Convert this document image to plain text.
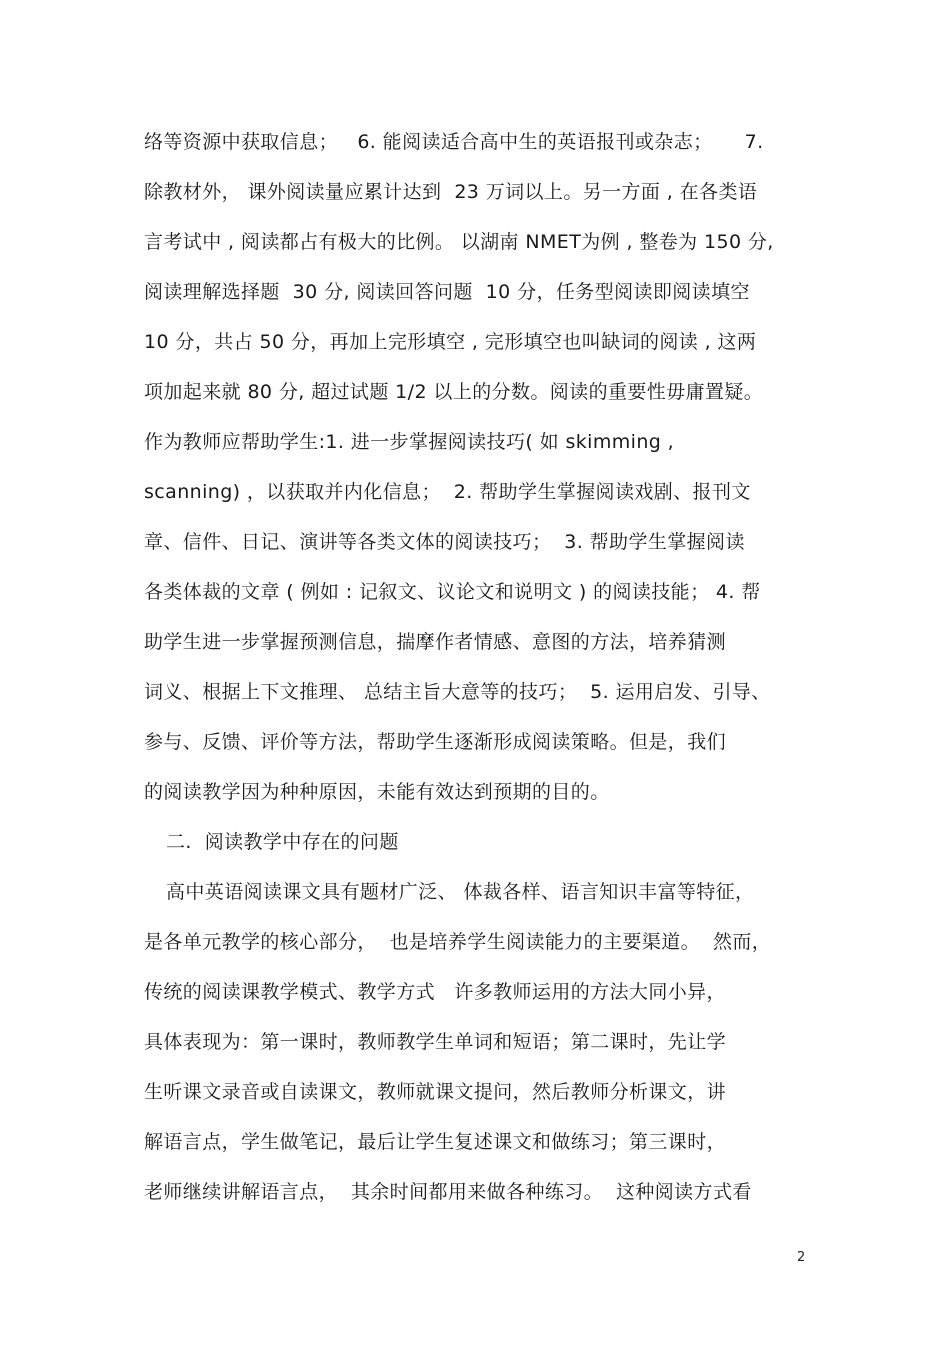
络等资源中获取信息；   6. 能阅读适合高中生的英语报刊或杂志；     7.
除教材外， 课外阅读量应累计达到  23 万词以上。另一方面 , 在各类语
言考试中 , 阅读都占有极大的比例。 以湖南 NMET为例 , 整卷为 150 分,
阅读理解选择题  30 分, 阅读回答问题  10 分，任务型阅读即阅读填空
10 分，共占 50 分，再加上完形填空 , 完形填空也叫缺词的阅读 , 这两
项加起来就 80 分, 超过试题 1/2 以上的分数。阅读的重要性毋庸置疑。
作为教师应帮助学生:1. 进一步掌握阅读技巧( 如 skimming ,
scanning) ，以获取并内化信息；  2. 帮助学生掌握阅读戏剧、报刊文
章、信件、日记、演讲等各类文体的阅读技巧；  3. 帮助学生掌握阅读
各类体裁的文章 ( 例如 : 记叙文、议论文和说明文 ) 的阅读技能； 4. 帮
助学生进一步掌握预测信息，揣摩作者情感、意图的方法，培养猜测
词义、根据上下文推理、 总结主旨大意等的技巧；  5. 运用启发、引导、
参与、反馈、评价等方法，帮助学生逐渐形成阅读策略。但是，我们
的阅读教学因为种种原因，未能有效达到预期的目的。
二.  阅读教学中存在的问题
高中英语阅读课文具有题材广泛、 体裁各样、语言知识丰富等特征，
是各单元教学的核心部分，  也是培养学生阅读能力的主要渠道。  然而，
传统的阅读课教学模式、教学方式   许多教师运用的方法大同小异，
具体表现为：第一课时，教师教学生单词和短语；第二课时，先让学
生听课文录音或自读课文，教师就课文提问，然后教师分析课文，讲
解语言点，学生做笔记，最后让学生复述课文和做练习；第三课时，
老师继续讲解语言点，  其余时间都用来做各种练习。  这种阅读方式看
2
